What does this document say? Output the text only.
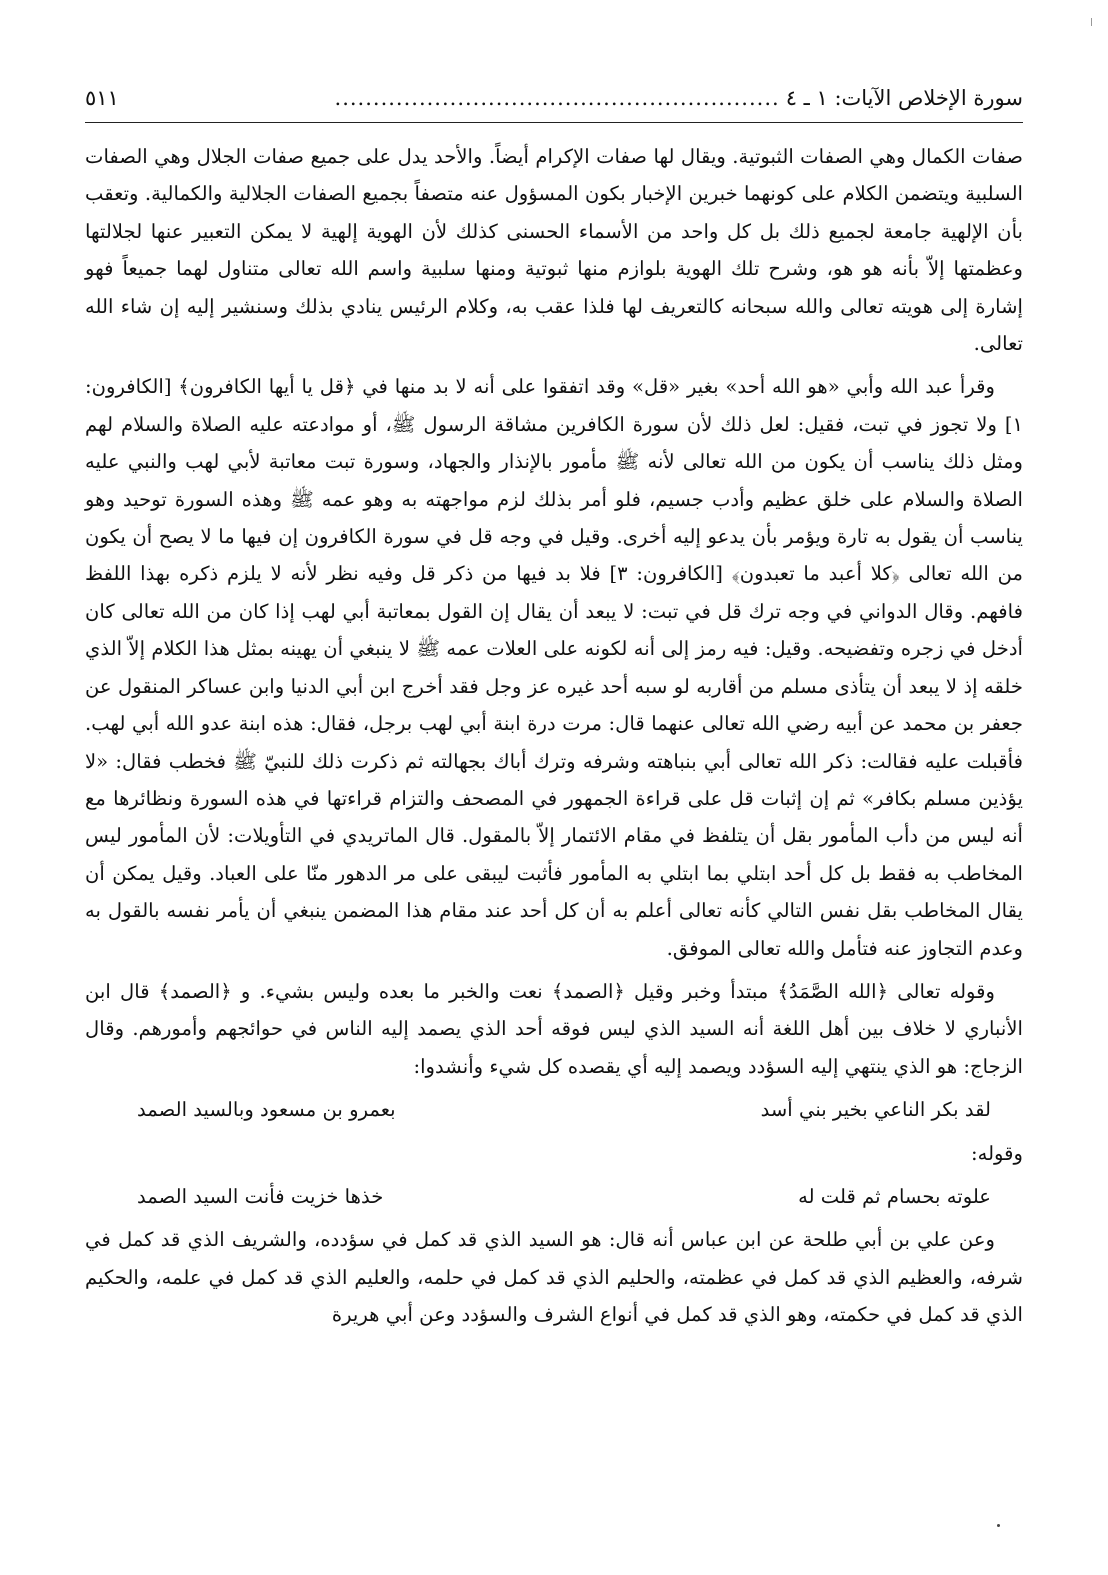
سورة الإخلاص الآيات: ١ ـ ٤
..........................................................
٥١١

صفات الكمال وهي الصفات الثبوتية. ويقال لها صفات الإكرام أيضاً. والأحد يدل على جميع صفات الجلال وهي الصفات السلبية ويتضمن الكلام على كونهما خبرين الإخبار بكون المسؤول عنه متصفاً بجميع الصفات الجلالية والكمالية. وتعقب بأن الإلهية جامعة لجميع ذلك بل كل واحد من الأسماء الحسنى كذلك لأن الهوية إلهية لا يمكن التعبير عنها لجلالتها وعظمتها إلاّ بأنه هو هو، وشرح تلك الهوية بلوازم منها ثبوتية ومنها سلبية واسم الله تعالى متناول لهما جميعاً فهو إشارة إلى هويته تعالى والله سبحانه كالتعريف لها فلذا عقب به، وكلام الرئيس ينادي بذلك وسنشير إليه إن شاء الله تعالى.

وقرأ عبد الله وأبي «هو الله أحد» بغير «قل» وقد اتفقوا على أنه لا بد منها في ﴿قل يا أيها الكافرون﴾ [الكافرون: ١] ولا تجوز في تبت، فقيل: لعل ذلك لأن سورة الكافرين مشاقة الرسول ﷺ، أو موادعته عليه الصلاة والسلام لهم ومثل ذلك يناسب أن يكون من الله تعالى لأنه ﷺ مأمور بالإنذار والجهاد، وسورة تبت معاتبة لأبي لهب والنبي عليه الصلاة والسلام على خلق عظيم وأدب جسيم، فلو أمر بذلك لزم مواجهته به وهو عمه ﷺ وهذه السورة توحيد وهو يناسب أن يقول به تارة ويؤمر بأن يدعو إليه أخرى. وقيل في وجه قل في سورة الكافرون إن فيها ما لا يصح أن يكون من الله تعالى ﴿كلا أعبد ما تعبدون﴾ [الكافرون: ٣] فلا بد فيها من ذكر قل وفيه نظر لأنه لا يلزم ذكره بهذا اللفظ فافهم. وقال الدواني في وجه ترك قل في تبت: لا يبعد أن يقال إن القول بمعاتبة أبي لهب إذا كان من الله تعالى كان أدخل في زجره وتفضيحه. وقيل: فيه رمز إلى أنه لكونه على العلات عمه ﷺ لا ينبغي أن يهينه بمثل هذا الكلام إلاّ الذي خلقه إذ لا يبعد أن يتأذى مسلم من أقاربه لو سبه أحد غيره عز وجل فقد أخرج ابن أبي الدنيا وابن عساكر المنقول عن جعفر بن محمد عن أبيه رضي الله تعالى عنهما قال: مرت درة ابنة أبي لهب برجل، فقال: هذه ابنة عدو الله أبي لهب. فأقبلت عليه فقالت: ذكر الله تعالى أبي بنباهته وشرفه وترك أباك بجهالته ثم ذكرت ذلك للنبيّ ﷺ فخطب فقال: «لا يؤذين مسلم بكافر» ثم إن إثبات قل على قراءة الجمهور في المصحف والتزام قراءتها في هذه السورة ونظائرها مع أنه ليس من دأب المأمور بقل أن يتلفظ في مقام الائتمار إلاّ بالمقول. قال الماتريدي في التأويلات: لأن المأمور ليس المخاطب به فقط بل كل أحد ابتلي بما ابتلي به المأمور فأثبت ليبقى على مر الدهور منّا على العباد. وقيل يمكن أن يقال المخاطب بقل نفس التالي كأنه تعالى أعلم به أن كل أحد عند مقام هذا المضمن ينبغي أن يأمر نفسه بالقول به وعدم التجاوز عنه فتأمل والله تعالى الموفق.

وقوله تعالى ﴿الله الصَّمَدُ﴾ مبتدأ وخبر وقيل ﴿الصمد﴾ نعت والخبر ما بعده وليس بشيء. و ﴿الصمد﴾ قال ابن الأنباري لا خلاف بين أهل اللغة أنه السيد الذي ليس فوقه أحد الذي يصمد إليه الناس في حوائجهم وأمورهم. وقال الزجاج: هو الذي ينتهي إليه السؤدد ويصمد إليه أي يقصده كل شيء وأنشدوا:

لقد بكر الناعي بخير بني أسد
بعمرو بن مسعود وبالسيد الصمد

وقوله:

علوته بحسام ثم قلت له
خذها خزيت فأنت السيد الصمد

وعن علي بن أبي طلحة عن ابن عباس أنه قال: هو السيد الذي قد كمل في سؤدده، والشريف الذي قد كمل في شرفه، والعظيم الذي قد كمل في عظمته، والحليم الذي قد كمل في حلمه، والعليم الذي قد كمل في علمه، والحكيم الذي قد كمل في حكمته، وهو الذي قد كمل في أنواع الشرف والسؤدد وعن أبي هريرة
